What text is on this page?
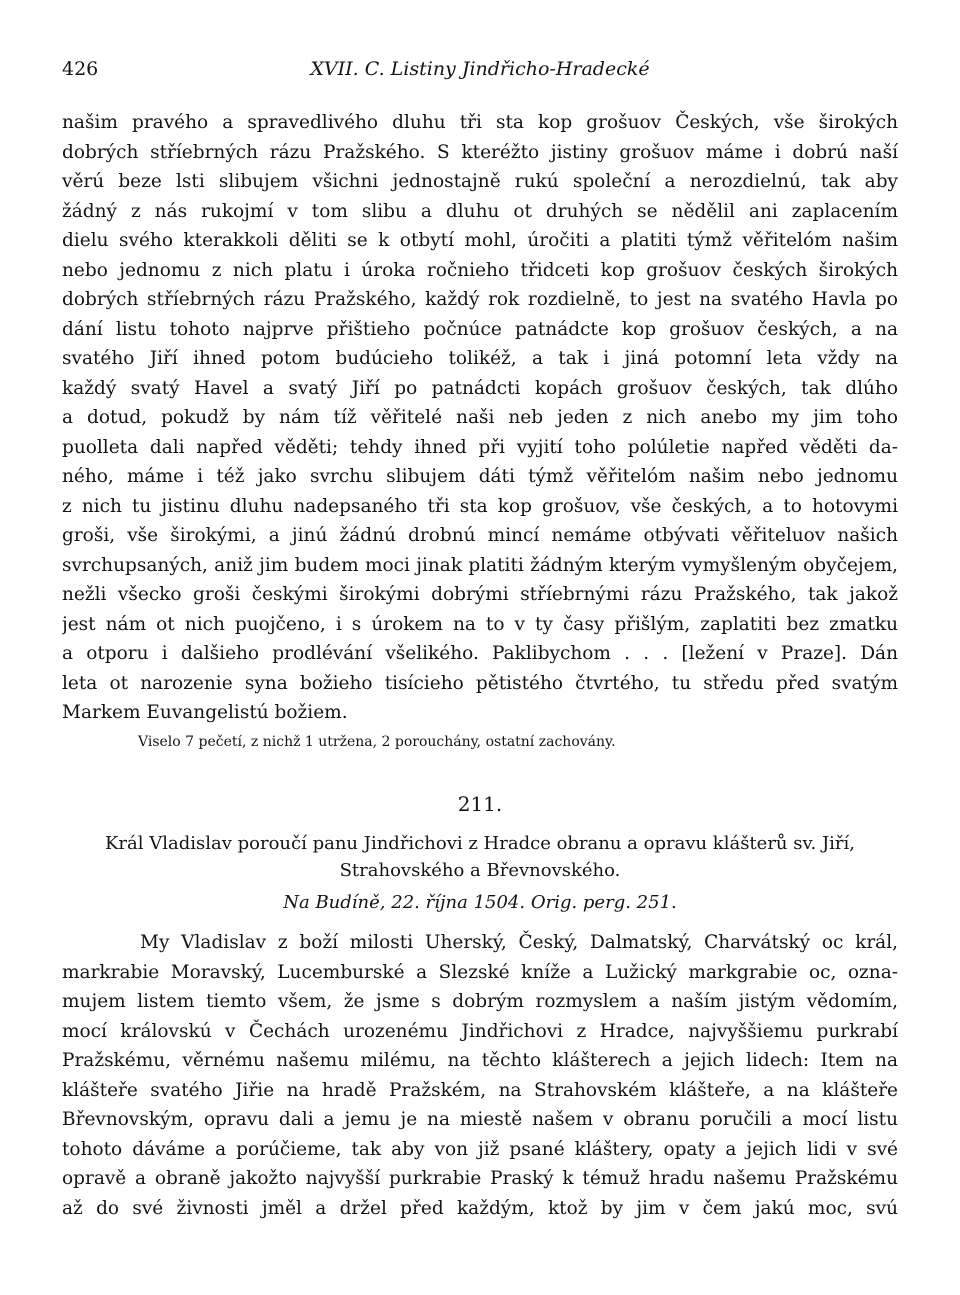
426	XVII. C. Listiny Jindřicho-Hradecké
našim pravého a spravedlivého dluhu tři sta kop grošuov Českých, vše širokých
dobrých stříebrných rázu Pražského. S kteréžto jistiny grošuov máme i dobrú naší
věrú beze lsti slibujem všichni jednostajně rukú společní a nerozdielnú, tak aby
žádný z nás rukojmí v tom slibu a dluhu ot druhých se nědělil ani zaplacením
dielu svého kterakkoli děliti se k otbytí mohl, úročiti a platiti týmž věřitelóm našim
nebo jednomu z nich platu i úroka ročnieho třidceti kop grošuov českých širokých
dobrých stříebrných rázu Pražského, každý rok rozdielně, to jest na svatého Havla po
dání listu tohoto najprve přištieho počnúce patnádcte kop grošuov českých, a na
svatého Jiří ihned potom budúcieho tolikéž, a tak i jiná potomní leta vždy na
každý svatý Havel a svatý Jiří po patnádcti kopách grošuov českých, tak dlúho
a dotud, pokudž by nám tíž věřitelé naši neb jeden z nich anebo my jim toho
puolleta dali napřed věděti; tehdy ihned při vyjití toho polúletie napřed věděti da-
ného, máme i též jako svrchu slibujem dáti týmž věřitelóm našim nebo jednomu
z nich tu jistinu dluhu nadepsaného tři sta kop grošuov, vše českých, a to hotovymi
groši, vše širokými, a jinú žádnú drobnú mincí nemáme otbývati věřiteluov našich
svrchupsaných, aniž jim budem moci jinak platiti žádným kterým vymyšleným obyčejem,
nežli všecko groši českými širokými dobrými stříebrnými rázu Pražského, tak jakož
jest nám ot nich puojčeno, i s úrokem na to v ty časy přišlým, zaplatiti bez zmatku
a otporu i dalšieho prodlévání všelikého. Paklibychom . . . [ležení v Praze]. Dán
leta ot narozenie syna božieho tisícieho pětistého čtvrtého, tu středu před svatým
Markem Euvangelistú božiem.
Viselo 7 pečetí, z nichž 1 utržena, 2 porouchány, ostatní zachovány.
211.
Král Vladislav poroučí panu Jindřichovi z Hradce obranu a opravu klášterů sv. Jiří,
Strahovského a Břevnovského.
Na Budíně, 22. října 1504. Orig. perg. 251.
My Vladislav z boží milosti Uherský, Český, Dalmatský, Charvátský oc král,
markrabie Moravský, Lucemburské a Slezské kníže a Lužický markgrabie oc, ozna-
mujem listem tiemto všem, že jsme s dobrým rozmyslem a naším jistým vědomím,
mocí královskú v Čechách urozenému Jindřichovi z Hradce, najvyššiemu purkrabí
Pražskému, věrnému našemu milému, na těchto klášterech a jejich lidech: Item na
klášteře svatého Jiřie na hradě Pražském, na Strahovském klášteře, a na klášteře
Břevnovským, opravu dali a jemu je na miestě našem v obranu poručili a mocí listu
tohoto dáváme a porúčieme, tak aby von již psané kláštery, opaty a jejich lidi v své
opravě a obraně jakožto najvyšší purkrabie Praský k témuž hradu našemu Pražskému
až do své živnosti jměl a držel před každým, ktož by jim v čem jakú moc, svú
